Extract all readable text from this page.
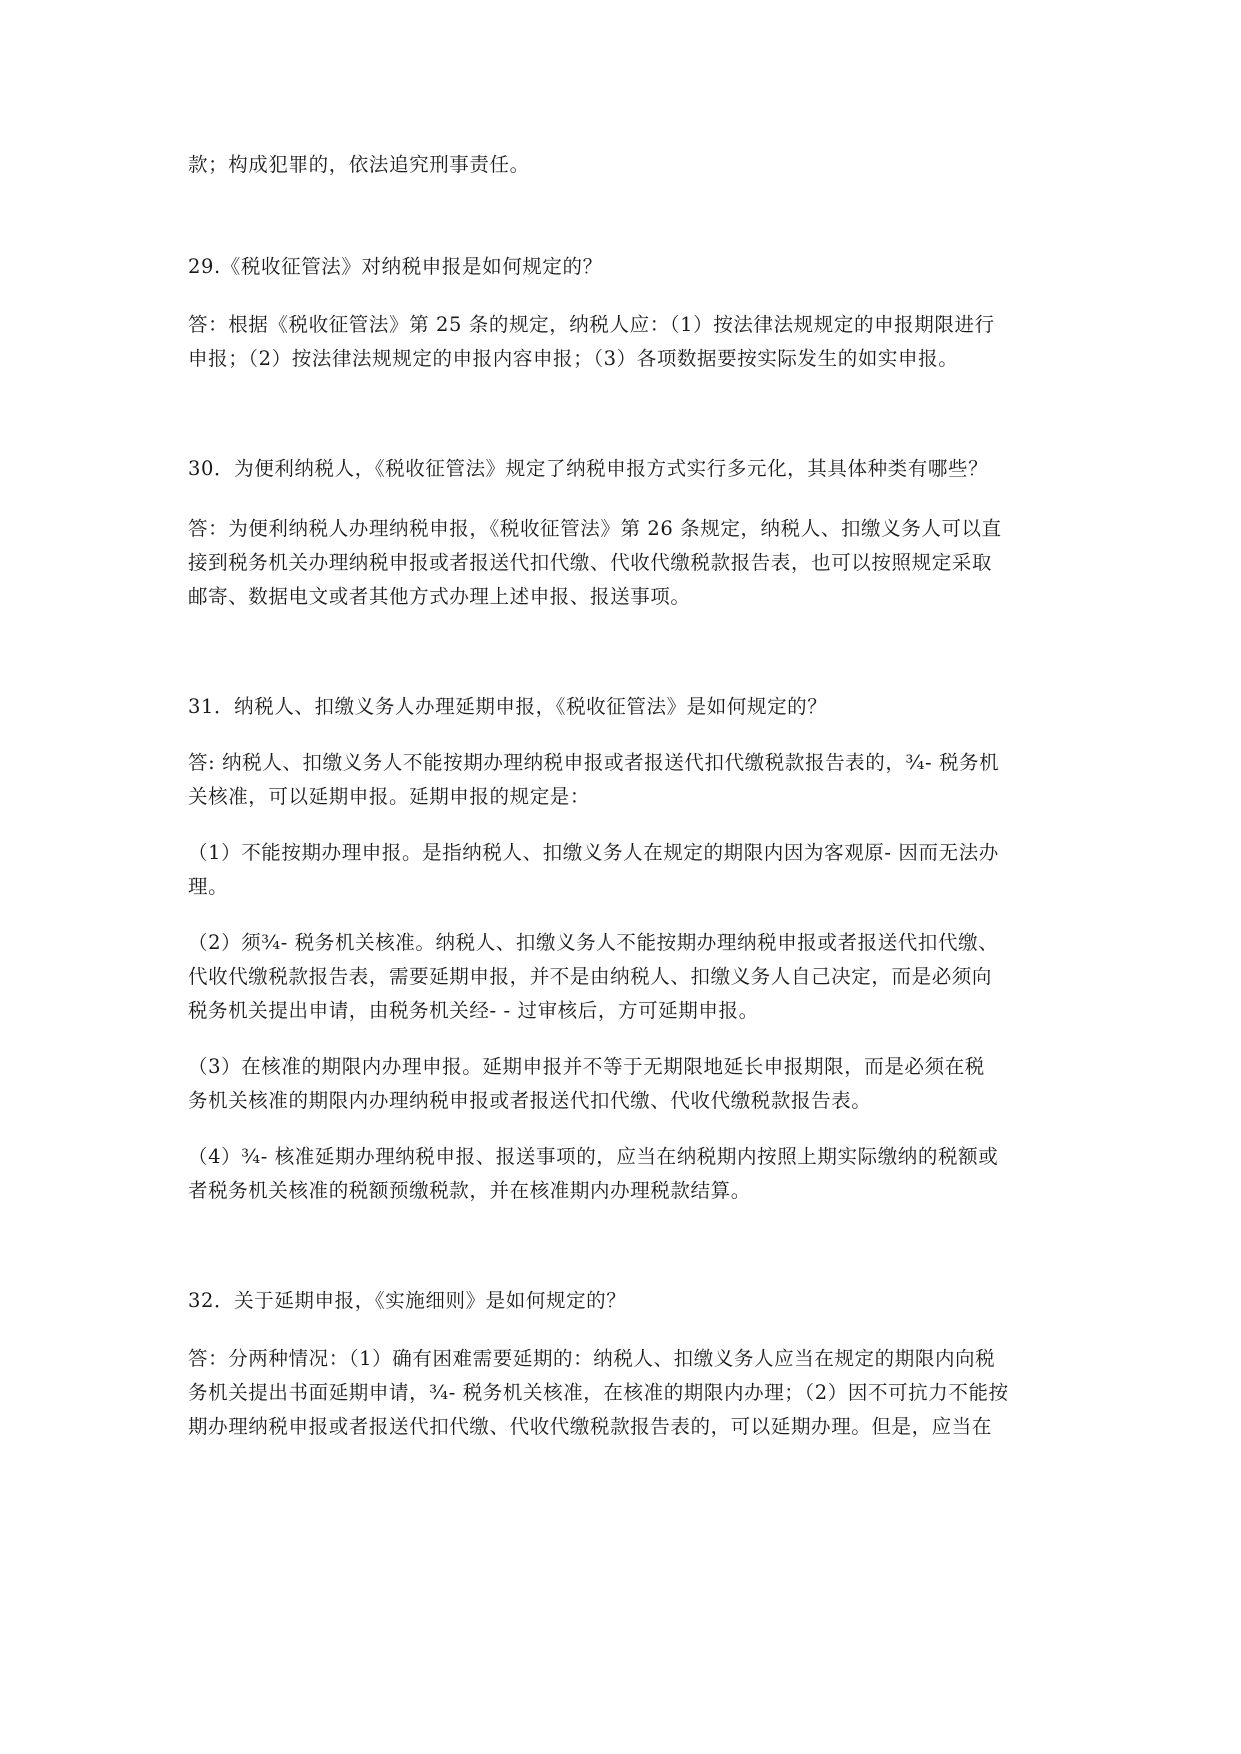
款；构成犯罪的，依法追究刑事责任。
29.《税收征管法》对纳税申报是如何规定的？
答：根据《税收征管法》第 25 条的规定，纳税人应：（1）按法律法规规定的申报期限进行
申报；（2）按法律法规规定的申报内容申报；（3）各项数据要按实际发生的如实申报。
30．为便利纳税人，《税收征管法》规定了纳税申报方式实行多元化，其具体种类有哪些？
答：为便利纳税人办理纳税申报，《税收征管法》第 26 条规定，纳税人、扣缴义务人可以直
接到税务机关办理纳税申报或者报送代扣代缴、代收代缴税款报告表，也可以按照规定采取
邮寄、数据电文或者其他方式办理上述申报、报送事项。
31．纳税人、扣缴义务人办理延期申报，《税收征管法》是如何规定的？
答: 纳税人、扣缴义务人不能按期办理纳税申报或者报送代扣代缴税款报告表的，¾- 税务机
关核准，可以延期申报。延期申报的规定是：
（1）不能按期办理申报。是指纳税人、扣缴义务人在规定的期限内因为客观原- 因而无法办
理。
（2）须¾- 税务机关核准。纳税人、扣缴义务人不能按期办理纳税申报或者报送代扣代缴、
代收代缴税款报告表，需要延期申报，并不是由纳税人、扣缴义务人自己决定，而是必须向
税务机关提出申请，由税务机关经- - 过审核后，方可延期申报。
（3）在核准的期限内办理申报。延期申报并不等于无期限地延长申报期限，而是必须在税
务机关核准的期限内办理纳税申报或者报送代扣代缴、代收代缴税款报告表。
（4）¾- 核准延期办理纳税申报、报送事项的，应当在纳税期内按照上期实际缴纳的税额或
者税务机关核准的税额预缴税款，并在核准期内办理税款结算。
32．关于延期申报，《实施细则》是如何规定的？
答：分两种情况：（1）确有困难需要延期的：纳税人、扣缴义务人应当在规定的期限内向税
务机关提出书面延期申请，¾- 税务机关核准，在核准的期限内办理；（2）因不可抗力不能按
期办理纳税申报或者报送代扣代缴、代收代缴税款报告表的，可以延期办理。但是，应当在
